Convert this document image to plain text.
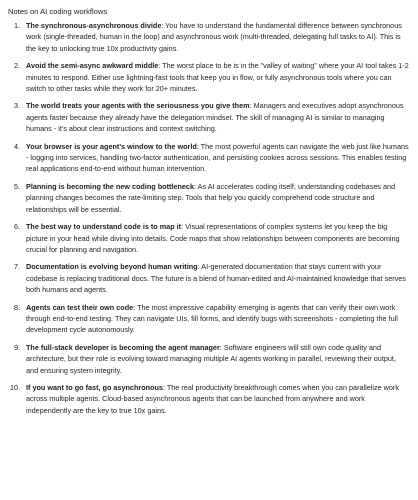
Notes on AI coding workflows
1. The synchronous-asynchronous divide: You have to understand the fundamental difference between synchronous work (single-threaded, human in the loop) and asynchronous work (multi-threaded, delegating full tasks to AI). This is the key to unlocking true 10x productivity gains.
2. Avoid the semi-async awkward middle: The worst place to be is in the "valley of waiting" where your AI tool takes 1-2 minutes to respond. Either use lightning-fast tools that keep you in flow, or fully asynchronous tools where you can switch to other tasks while they work for 20+ minutes.
3. The world treats your agents with the seriousness you give them: Managers and executives adopt asynchronous agents faster because they already have the delegation mindset. The skill of managing AI is similar to managing humans - it's about clear instructions and context switching.
4. Your browser is your agent's window to the world: The most powerful agents can navigate the web just like humans - logging into services, handling two-factor authentication, and persisting cookies across sessions. This enables testing real applications end-to-end without human intervention.
5. Planning is becoming the new coding bottleneck: As AI accelerates coding itself, understanding codebases and planning changes becomes the rate-limiting step. Tools that help you quickly comprehend code structure and relationships will be essential.
6. The best way to understand code is to map it: Visual representations of complex systems let you keep the big picture in your head while diving into details. Code maps that show relationships between components are becoming crucial for planning and navigation.
7. Documentation is evolving beyond human writing: AI-generated documentation that stays current with your codebase is replacing traditional docs. The future is a blend of human-edited and AI-maintained knowledge that serves both humans and agents.
8. Agents can test their own code: The most impressive capability emerging is agents that can verify their own work through end-to-end testing. They can navigate UIs, fill forms, and identify bugs with screenshots - completing the full development cycle autonomously.
9. The full-stack developer is becoming the agent manager: Software engineers will still own code quality and architecture, but their role is evolving toward managing multiple AI agents working in parallel, reviewing their output, and ensuring system integrity.
10. If you want to go fast, go asynchronous: The real productivity breakthrough comes when you can parallelize work across multiple agents. Cloud-based asynchronous agents that can be launched from anywhere and work independently are the key to true 10x gains.
